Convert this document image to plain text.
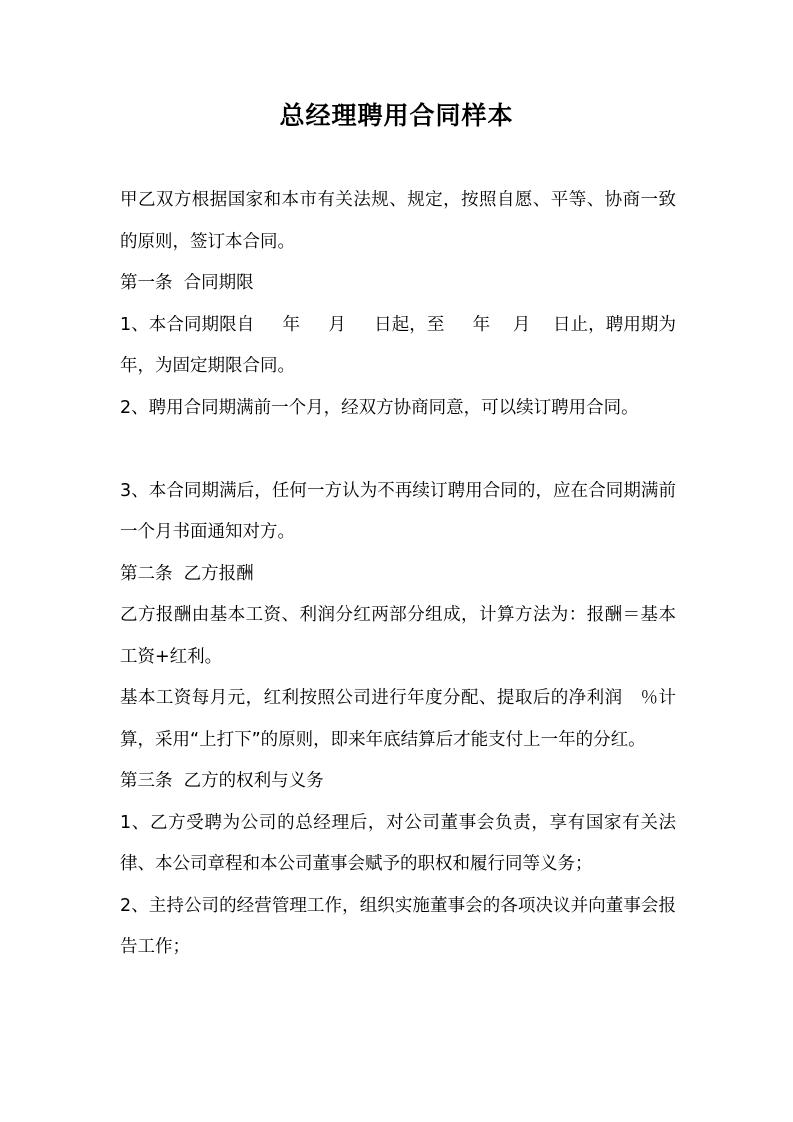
总经理聘用合同样本

甲乙双方根据国家和本市有关法规、规定，按照自愿、平等、协商一致的原则，签订本合同。

第一条  合同期限

1、本合同期限自     年     月     日起，至     年    月    日止，聘用期为    年，为固定期限合同。

2、聘用合同期满前一个月，经双方协商同意，可以续订聘用合同。

3、本合同期满后，任何一方认为不再续订聘用合同的，应在合同期满前一个月书面通知对方。

第二条  乙方报酬

乙方报酬由基本工资、利润分红两部分组成，计算方法为：报酬＝基本工资+红利。

基本工资每月元，红利按照公司进行年度分配、提取后的净利润   ％计算，采用“上打下”的原则，即来年底结算后才能支付上一年的分红。

第三条  乙方的权利与义务

1、乙方受聘为公司的总经理后，对公司董事会负责，享有国家有关法律、本公司章程和本公司董事会赋予的职权和履行同等义务；

2、主持公司的经营管理工作，组织实施董事会的各项决议并向董事会报告工作；
